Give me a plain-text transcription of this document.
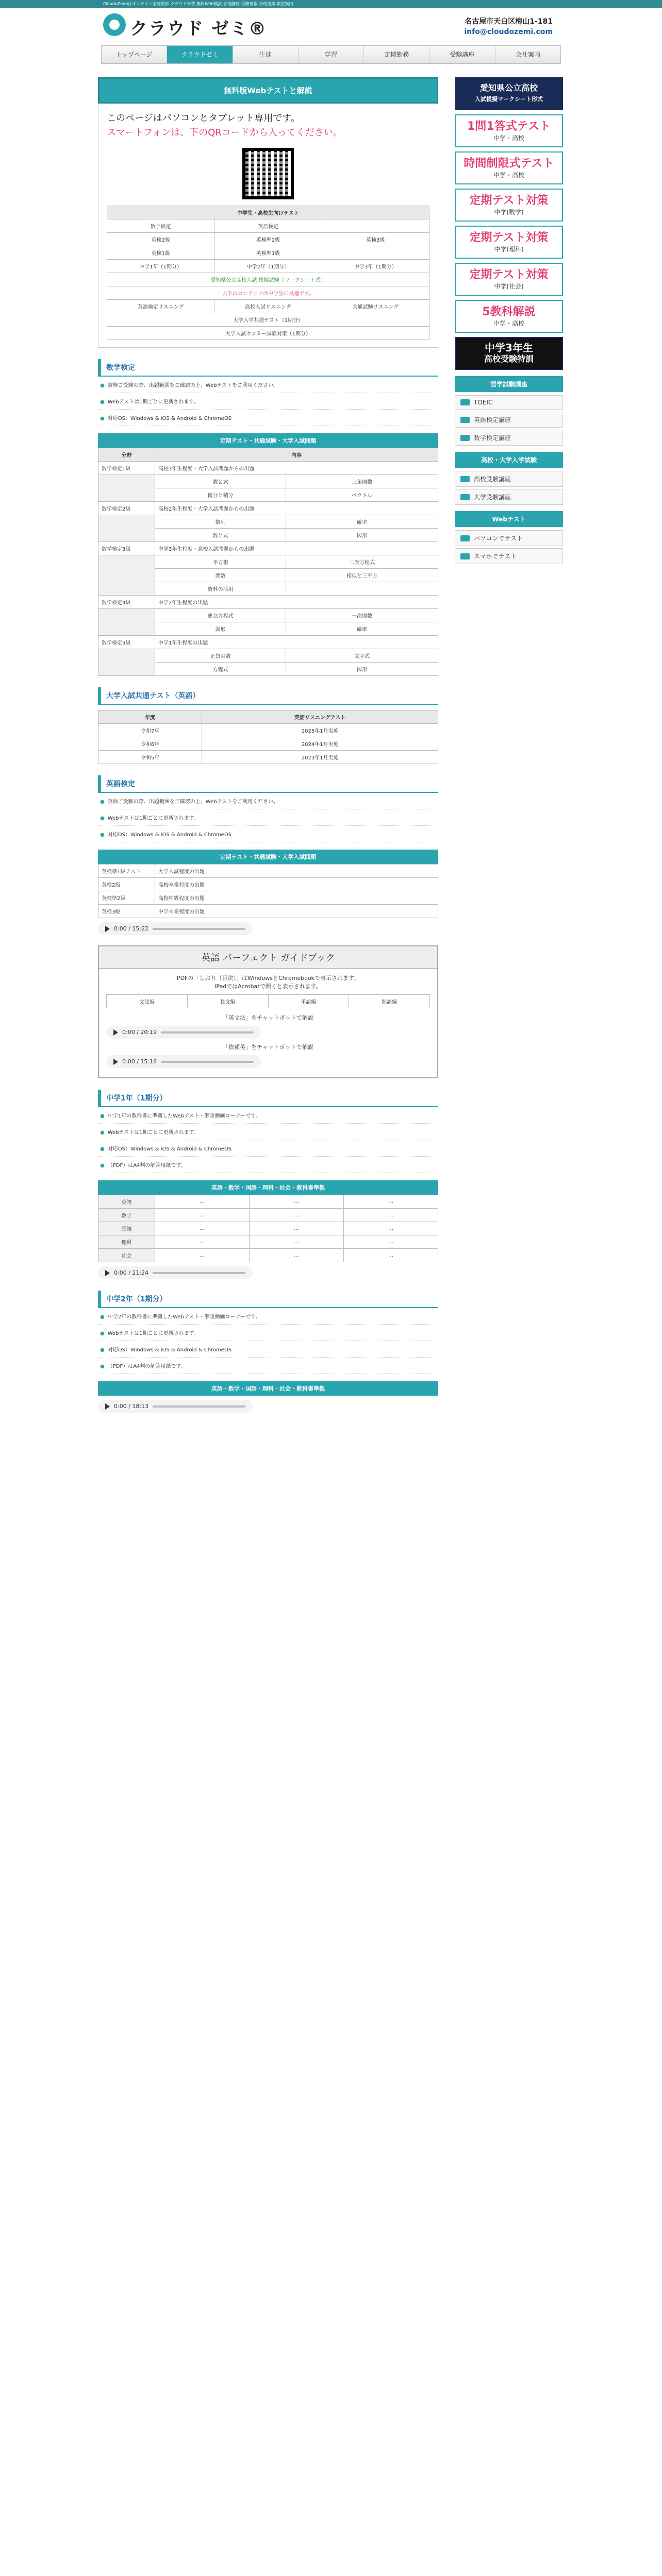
CloudoZemiはオンライン家庭教師 クラウド学習 無料Web模試 各種講座 受験情報 合格実績 教室案内
クラウド ゼミ®	名古屋市天白区梅山1-181
info@cloudozemi.com
トップページ	クラウドゼミ	生徒	学習	定期勤務	受験講座	会社案内
無料版Webテストと解説
このページはパソコンとタブレット専用です。
スマートフォンは、下のQRコードから入ってください。
中学生・高校生向けテスト		
数学検定	英語検定	
英検2級	英検準2級	英検3級
英検1級	英検準1級	
中学1年（1期分）	中学2年（1期分）	中学3年（1期分）
愛知県公立高校入試 模擬試験（マークシート式）		
以下のコンテンツは中学生に最適です。		
英語検定リスニング	高校入試リスニング	共通試験リスニング
大学入学共通テスト（1期分）		
大学入試センター試験対策（1期分）		
数学検定
● 数検ご受験の際、出題範囲をご確認の上、Webテストをご利用ください。
● Webテストは1期ごとに更新されます。
● 対応OS：Windows & iOS & Android & ChromeOS
定期テスト・共通試験・大学入試問題
分野	内容	
数学検定1級	高校3年生程度・大学入試問題からの出題	
	数と式	三角関数
	微分と積分	ベクトル
数学検定2級	高校2年生程度・大学入試問題からの出題	
	数列	確率
	数と式	図形
数学検定3級	中学3年生程度・高校入試問題からの出題	
	平方根	二次方程式
	関数	相似と三平方
	資料の活用	
数学検定4級	中学2年生程度の出題	
	連立方程式	一次関数
	図形	確率
数学検定5級	中学1年生程度の出題	
	正負の数	文字式
	方程式	図形
大学入試共通テスト（英語）
年度	英語リスニングテスト
令和7年	2025年1月実施
令和6年	2024年1月実施
令和5年	2023年1月実施
英語検定
● 英検ご受験の際、出題範囲をご確認の上、Webテストをご利用ください。
● Webテストは1期ごとに更新されます。
● 対応OS：Windows & iOS & Android & ChromeOS
定期テスト・共通試験・大学入試問題
英検準1級テスト	大学入試程度の出題
英検2級	高校卒業程度の出題
英検準2級	高校中級程度の出題
英検3級	中学卒業程度の出題
0:00 / 15:22
英語 パーフェクト ガイドブック
PDFの「しおり（目次）」はWindowsとChromebookで表示されます。
iPadではAcrobatで開くと表示されます。
文法編	長文編	単語編	熟語編
「英文法」をチャットボットで解説
0:00 / 20:19
「依頼英」をチャットボットで解説
0:00 / 15:16
中学1年（1期分）
● 中学1年の教科書に準拠したWebテスト・解説動画コーナーです。
● Webテストは1期ごとに更新されます。
● 対応OS：Windows & iOS & Android & ChromeOS
● （PDF）はA4判の解答用紙です。
英語・数学・国語・理科・社会・教科書準拠
英語	…	…	…
数学	…	…	…
国語	…	…	…
理科	…	…	…
社会	…	…	…
0:00 / 21:24
中学2年（1期分）
● 中学2年の教科書に準拠したWebテスト・解説動画コーナーです。
● Webテストは1期ごとに更新されます。
● 対応OS：Windows & iOS & Android & ChromeOS
● （PDF）はA4判の解答用紙です。
英語・数学・国語・理科・社会・教科書準拠
0:00 / 18:13
愛知県公立高校
入試模擬マークシート形式
1問1答式テスト
中学・高校
時間制限式テスト
中学・高校
定期テスト対策
中学(数学)
定期テスト対策
中学(理科)
定期テスト対策
中学(社会)
5教科解説
中学・高校
中学3年生
高校受験特訓
語学試験講座
TOEIC
英語検定講座
数学検定講座
高校・大学入学試験
高校受験講座
大学受験講座
Webテスト
パソコンでテスト
スマホでテスト
